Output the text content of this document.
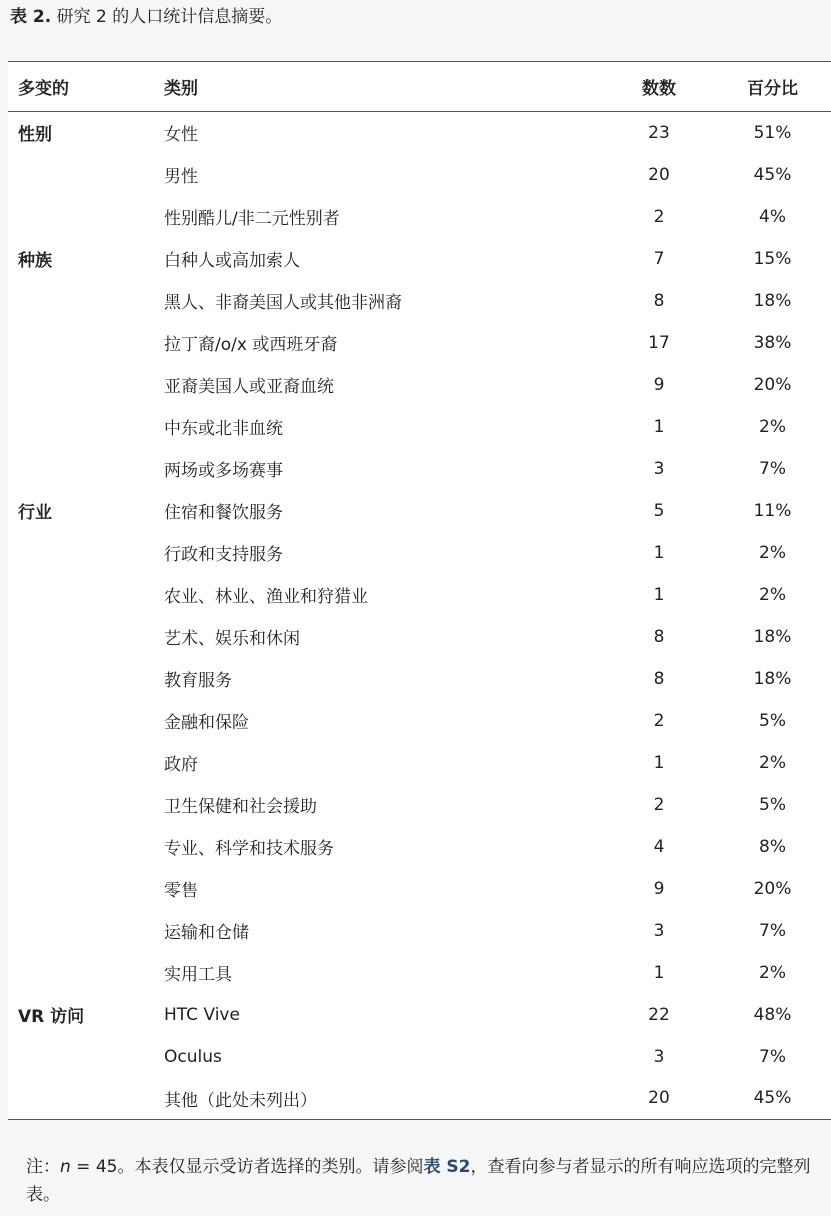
表 2. 研究 2 的人口统计信息摘要。
多变的	类别	数数	百分比
性别	女性	23	51%
	男性	20	45%
	性别酷儿/非二元性别者	2	4%
种族	白种人或高加索人	7	15%
	黑人、非裔美国人或其他非洲裔	8	18%
	拉丁裔/o/x 或西班牙裔	17	38%
	亚裔美国人或亚裔血统	9	20%
	中东或北非血统	1	2%
	两场或多场赛事	3	7%
行业	住宿和餐饮服务	5	11%
	行政和支持服务	1	2%
	农业、林业、渔业和狩猎业	1	2%
	艺术、娱乐和休闲	8	18%
	教育服务	8	18%
	金融和保险	2	5%
	政府	1	2%
	卫生保健和社会援助	2	5%
	专业、科学和技术服务	4	8%
	零售	9	20%
	运输和仓储	3	7%
	实用工具	1	2%
VR 访问	HTC Vive	22	48%
	Oculus	3	7%
	其他（此处未列出）	20	45%
注：n = 45。本表仅显示受访者选择的类别。请参阅表 S2，查看向参与者显示的所有响应选项的完整列表。
